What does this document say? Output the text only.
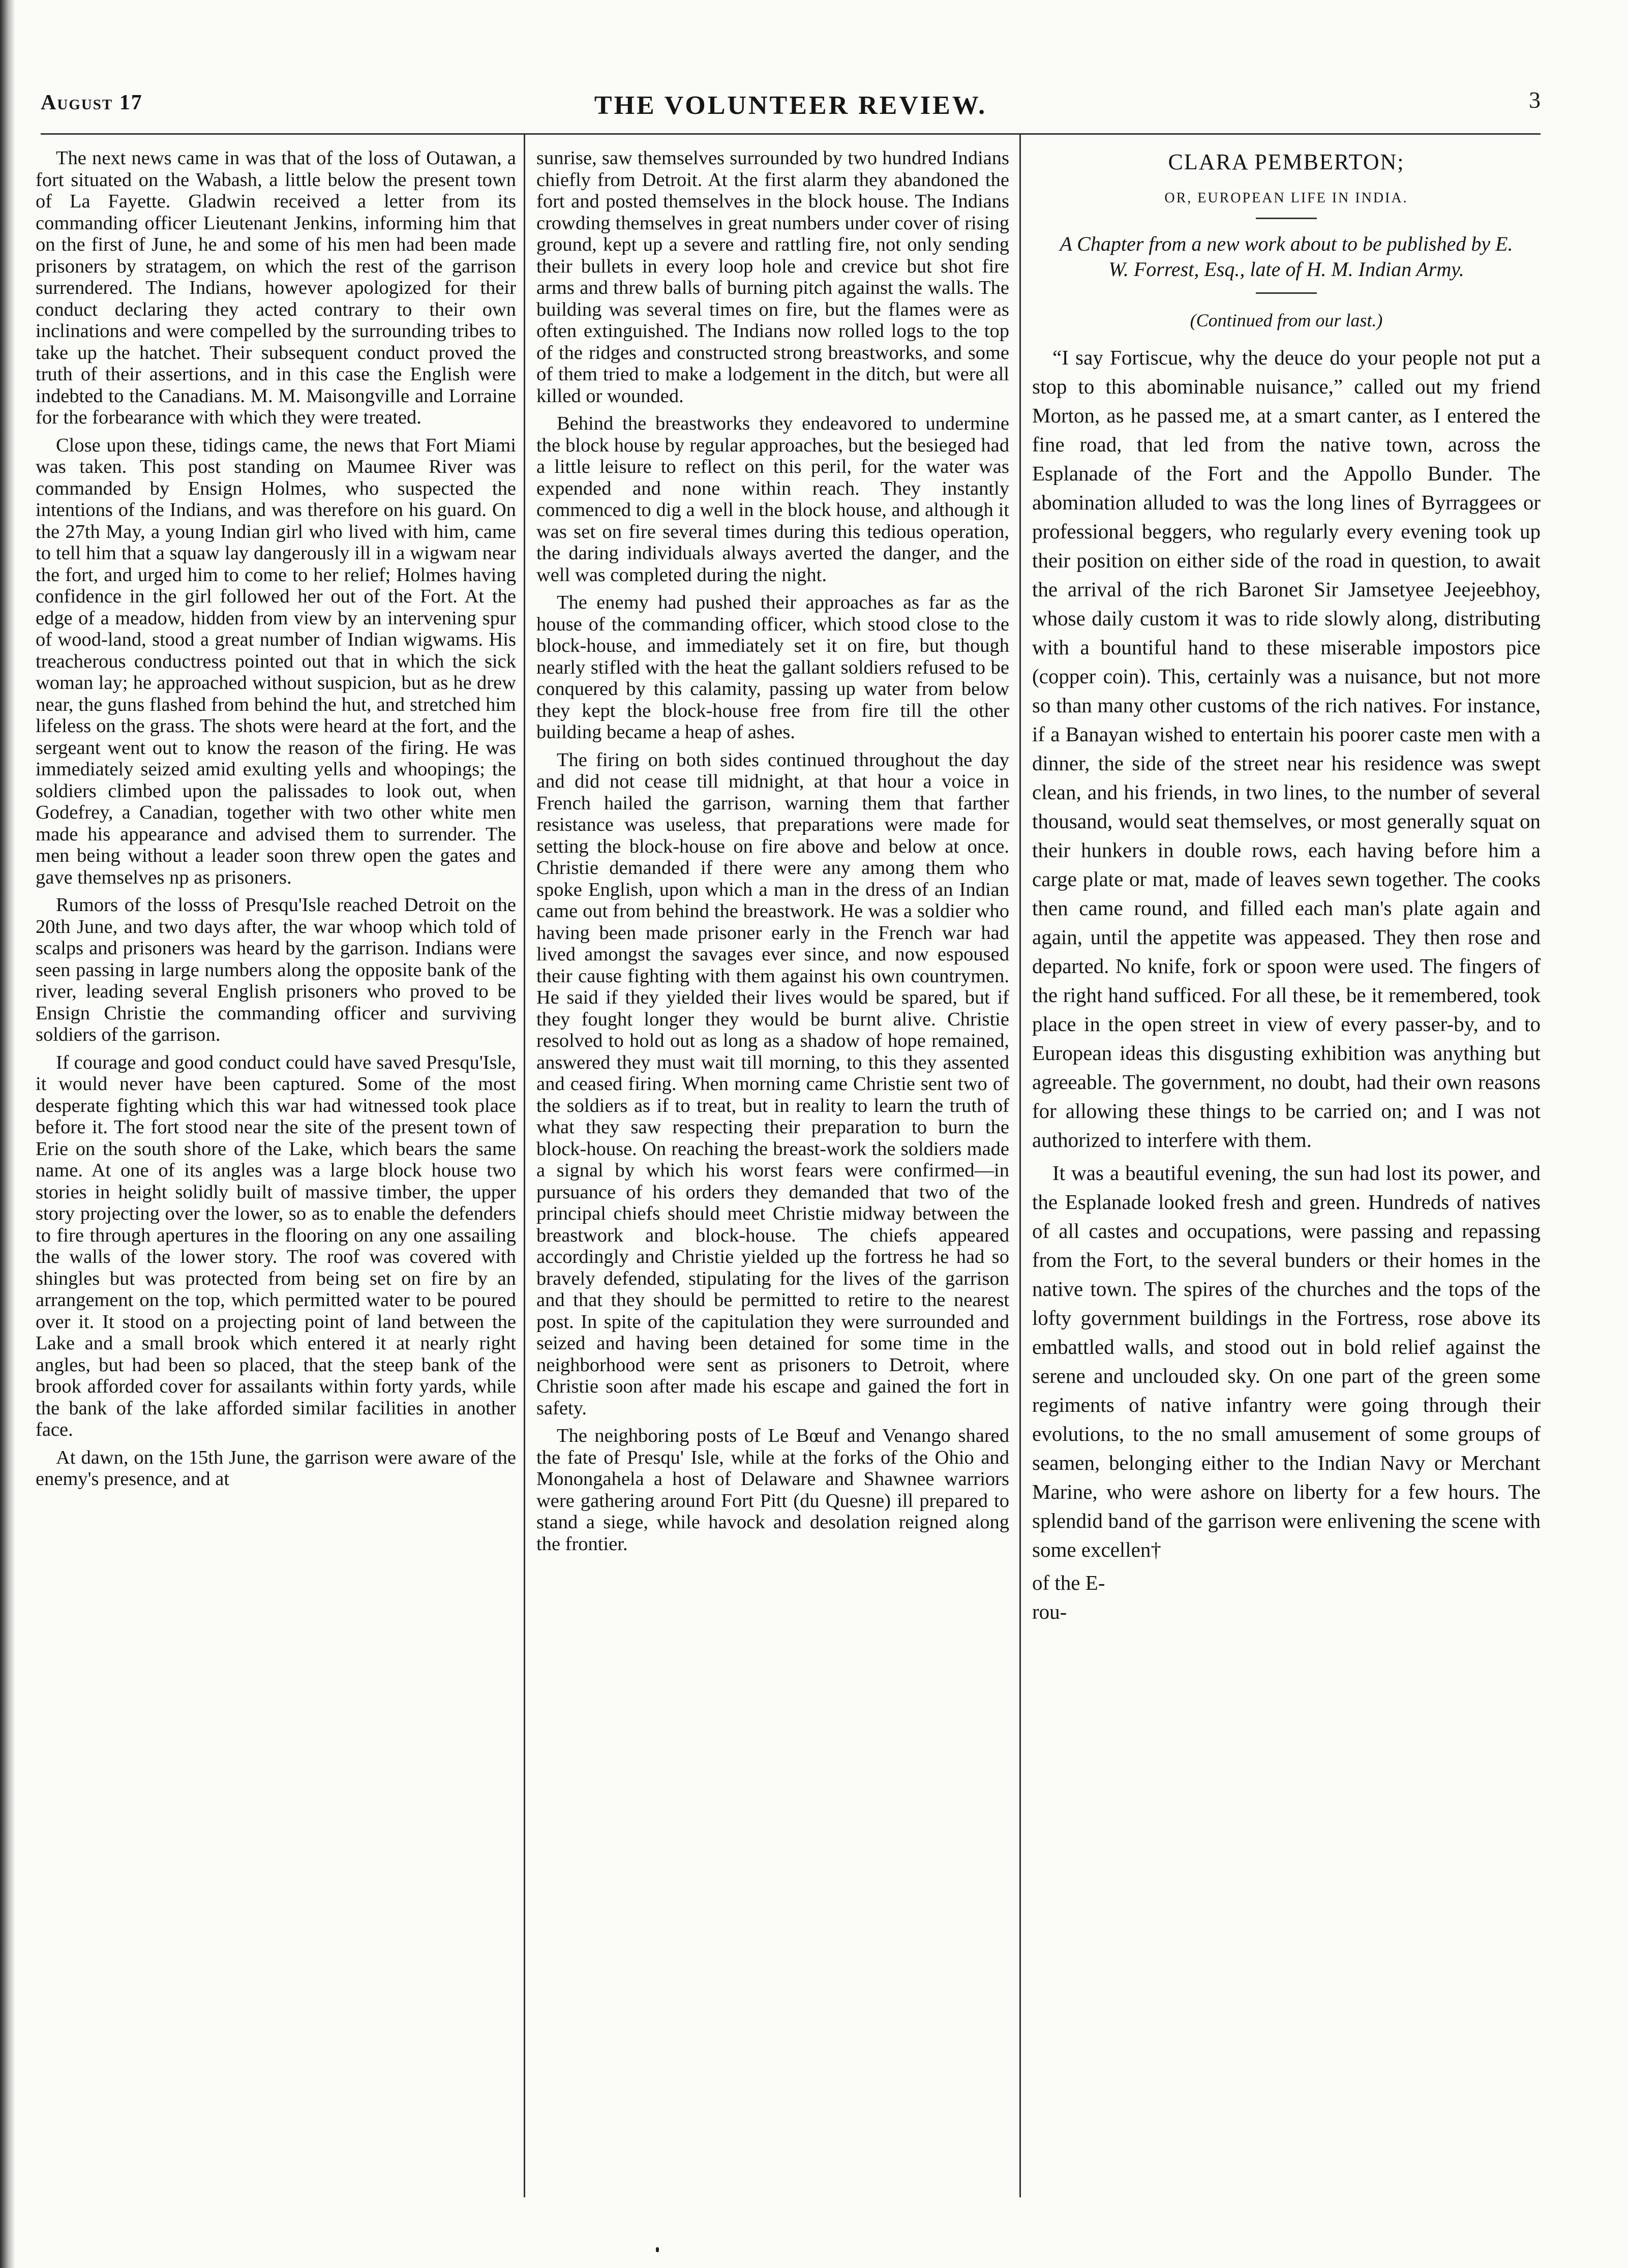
August 17	THE VOLUNTEER REVIEW.	3

The next news came in was that of the loss of Outawan, a fort situated on the Wabash, a little below the present town of La Fayette. Gladwin received a letter from its commanding officer Lieutenant Jenkins, informing him that on the first of June, he and some of his men had been made prisoners by stratagem, on which the rest of the garrison surrendered. The Indians, however apologized for their conduct declaring they acted contrary to their own inclinations and were compelled by the surrounding tribes to take up the hatchet. Their subsequent conduct proved the truth of their assertions, and in this case the English were indebted to the Canadians. M. M. Maisongville and Lorraine for the forbearance with which they were treated.

Close upon these, tidings came, the news that Fort Miami was taken. This post standing on Maumee River was commanded by Ensign Holmes, who suspected the intentions of the Indians, and was therefore on his guard. On the 27th May, a young Indian girl who lived with him, came to tell him that a squaw lay dangerously ill in a wigwam near the fort, and urged him to come to her relief; Holmes having confidence in the girl followed her out of the Fort. At the edge of a meadow, hidden from view by an intervening spur of wood-land, stood a great number of Indian wigwams. His treacherous conductress pointed out that in which the sick woman lay; he approached without suspicion, but as he drew near, the guns flashed from behind the hut, and stretched him lifeless on the grass. The shots were heard at the fort, and the sergeant went out to know the reason of the firing. He was immediately seized amid exulting yells and whoopings; the soldiers climbed upon the palissades to look out, when Godefrey, a Canadian, together with two other white men made his appearance and advised them to surrender. The men being without a leader soon threw open the gates and gave themselves np as prisoners.

Rumors of the losss of Presqu'Isle reached Detroit on the 20th June, and two days after, the war whoop which told of scalps and prisoners was heard by the garrison. Indians were seen passing in large numbers along the opposite bank of the river, leading several English prisoners who proved to be Ensign Christie the commanding officer and surviving soldiers of the garrison.

If courage and good conduct could have saved Presqu'Isle, it would never have been captured. Some of the most desperate fighting which this war had witnessed took place before it. The fort stood near the site of the present town of Erie on the south shore of the Lake, which bears the same name. At one of its angles was a large block house two stories in height solidly built of massive timber, the upper story projecting over the lower, so as to enable the defenders to fire through apertures in the flooring on any one assailing the walls of the lower story. The roof was covered with shingles but was protected from being set on fire by an arrangement on the top, which permitted water to be poured over it. It stood on a projecting point of land between the Lake and a small brook which entered it at nearly right angles, but had been so placed, that the steep bank of the brook afforded cover for assailants within forty yards, while the bank of the lake afforded similar facilities in another face.

At dawn, on the 15th June, the garrison were aware of the enemy's presence, and at

sunrise, saw themselves surrounded by two hundred Indians chiefly from Detroit. At the first alarm they abandoned the fort and posted themselves in the block house. The Indians crowding themselves in great numbers under cover of rising ground, kept up a severe and rattling fire, not only sending their bullets in every loop hole and crevice but shot fire arms and threw balls of burning pitch against the walls. The building was several times on fire, but the flames were as often extinguished. The Indians now rolled logs to the top of the ridges and constructed strong breastworks, and some of them tried to make a lodgement in the ditch, but were all killed or wounded.

Behind the breastworks they endeavored to undermine the block house by regular approaches, but the besieged had a little leisure to reflect on this peril, for the water was expended and none within reach. They instantly commenced to dig a well in the block house, and although it was set on fire several times during this tedious operation, the daring individuals always averted the danger, and the well was completed during the night.

The enemy had pushed their approaches as far as the house of the commanding officer, which stood close to the block-house, and immediately set it on fire, but though nearly stifled with the heat the gallant soldiers refused to be conquered by this calamity, passing up water from below they kept the block-house free from fire till the other building became a heap of ashes.

The firing on both sides continued throughout the day and did not cease till midnight, at that hour a voice in French hailed the garrison, warning them that farther resistance was useless, that preparations were made for setting the block-house on fire above and below at once. Christie demanded if there were any among them who spoke English, upon which a man in the dress of an Indian came out from behind the breastwork. He was a soldier who having been made prisoner early in the French war had lived amongst the savages ever since, and now espoused their cause fighting with them against his own countrymen. He said if they yielded their lives would be spared, but if they fought longer they would be burnt alive. Christie resolved to hold out as long as a shadow of hope remained, answered they must wait till morning, to this they assented and ceased firing. When morning came Christie sent two of the soldiers as if to treat, but in reality to learn the truth of what they saw respecting their preparation to burn the block-house. On reaching the breast-work the soldiers made a signal by which his worst fears were confirmed—in pursuance of his orders they demanded that two of the principal chiefs should meet Christie midway between the breastwork and block-house. The chiefs appeared accordingly and Christie yielded up the fortress he had so bravely defended, stipulating for the lives of the garrison and that they should be permitted to retire to the nearest post. In spite of the capitulation they were surrounded and seized and having been detained for some time in the neighborhood were sent as prisoners to Detroit, where Christie soon after made his escape and gained the fort in safety.

The neighboring posts of Le Bœuf and Venango shared the fate of Presqu' Isle, while at the forks of the Ohio and Monongahela a host of Delaware and Shawnee warriors were gathering around Fort Pitt (du Quesne) ill prepared to stand a siege, while havock and desolation reigned along the frontier.

CLARA PEMBERTON;
OR, EUROPEAN LIFE IN INDIA.
A Chapter from a new work about to be published by E. W. Forrest, Esq., late of H. M. Indian Army.
(Continued from our last.)

“I say Fortiscue, why the deuce do your people not put a stop to this abominable nuisance,” called out my friend Morton, as he passed me, at a smart canter, as I entered the fine road, that led from the native town, across the Esplanade of the Fort and the Appollo Bunder. The abomination alluded to was the long lines of Byrraggees or professional beggers, who regularly every evening took up their position on either side of the road in question, to await the arrival of the rich Baronet Sir Jamsetyee Jeejeebhoy, whose daily custom it was to ride slowly along, distributing with a bountiful hand to these miserable impostors pice (copper coin). This, certainly was a nuisance, but not more so than many other customs of the rich natives. For instance, if a Banayan wished to entertain his poorer caste men with a dinner, the side of the street near his residence was swept clean, and his friends, in two lines, to the number of several thousand, would seat themselves, or most generally squat on their hunkers in double rows, each having before him a carge plate or mat, made of leaves sewn together. The cooks then came round, and filled each man's plate again and again, until the appetite was appeased. They then rose and departed. No knife, fork or spoon were used. The fingers of the right hand sufficed. For all these, be it remembered, took place in the open street in view of every passer-by, and to European ideas this disgusting exhibition was anything but agreeable. The government, no doubt, had their own reasons for allowing these things to be carried on; and I was not authorized to interfere with them.

It was a beautiful evening, the sun had lost its power, and the Esplanade looked fresh and green. Hundreds of natives of all castes and occupations, were passing and repassing from the Fort, to the several bunders or their homes in the native town. The spires of the churches and the tops of the lofty government buildings in the Fortress, rose above its embattled walls, and stood out in bold relief against the serene and unclouded sky. On one part of the green some regiments of native infantry were going through their evolutions, to the no small amusement of some groups of seamen, belonging either to the Indian Navy or Merchant Marine, who were ashore on liberty for a few hours. The splendid band of the garrison were enlivening the scene with some excellen†

of the E‐
rou‐
